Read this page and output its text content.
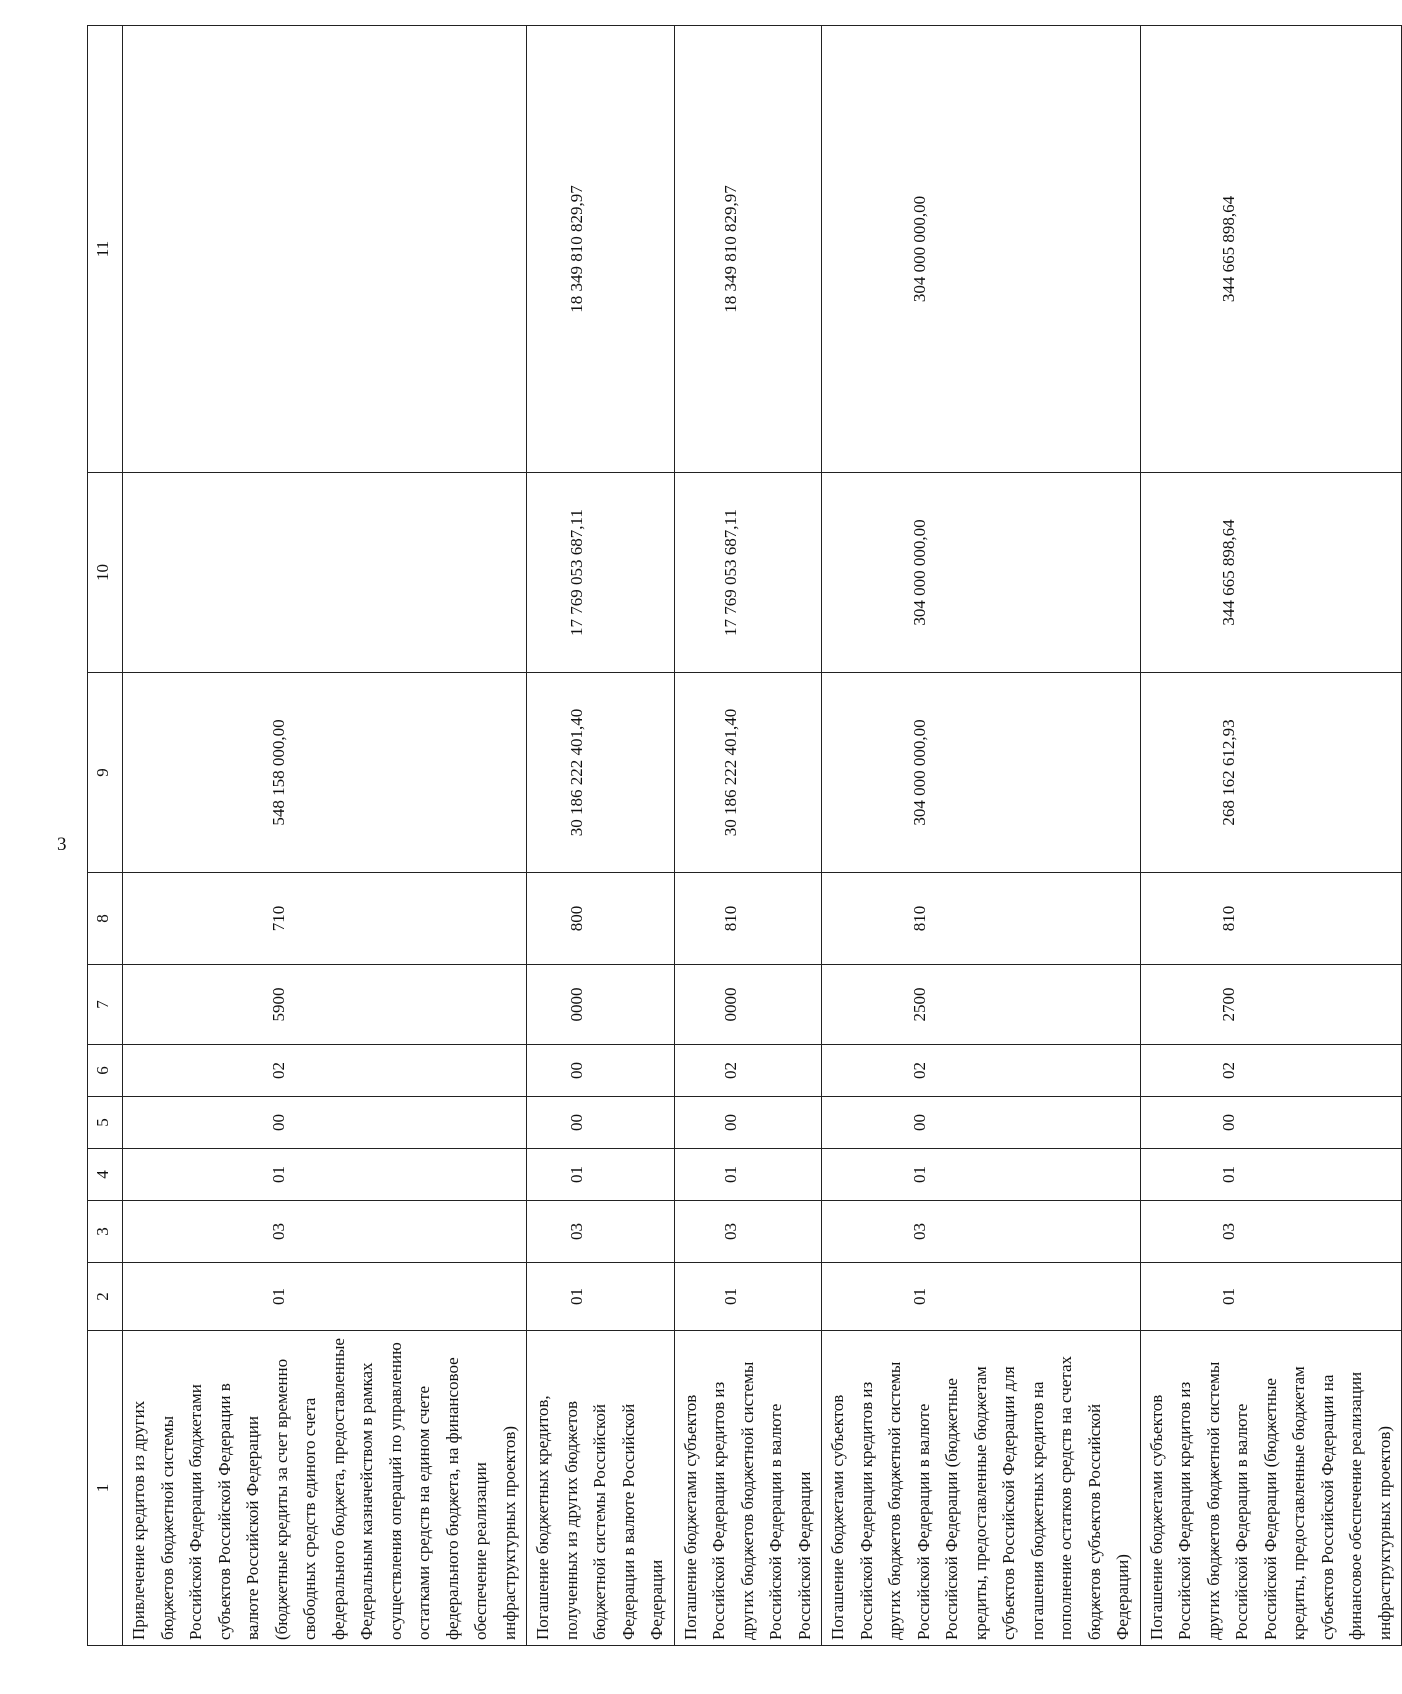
3
1	2	3	4	5	6	7	8	9	10	11
Привлечение кредитов из других бюджетов бюджетной системы Российской Федерации бюджетами субъектов Российской Федерации в валюте Российской Федерации (бюджетные кредиты за счет временно свободных средств единого счета федерального бюджета, предоставленные Федеральным казначейством в рамках осуществления операций по управлению остатками средств на едином счете федерального бюджета, на финансовое обеспечение реализации инфраструктурных проектов)	01	03	01	00	02	5900	710	548 158 000,00		
Погашение бюджетных кредитов, полученных из других бюджетов бюджетной системы Российской Федерации в валюте Российской Федерации	01	03	01	00	00	0000	800	30 186 222 401,40	17 769 053 687,11	18 349 810 829,97
Погашение бюджетами субъектов Российской Федерации кредитов из других бюджетов бюджетной системы Российской Федерации в валюте Российской Федерации	01	03	01	00	02	0000	810	30 186 222 401,40	17 769 053 687,11	18 349 810 829,97
Погашение бюджетами субъектов Российской Федерации кредитов из других бюджетов бюджетной системы Российской Федерации в валюте Российской Федерации (бюджетные кредиты, предоставленные бюджетам субъектов Российской Федерации для погашения бюджетных кредитов на пополнение остатков средств на счетах бюджетов субъектов Российской Федерации)	01	03	01	00	02	2500	810	304 000 000,00	304 000 000,00	304 000 000,00
Погашение бюджетами субъектов Российской Федерации кредитов из других бюджетов бюджетной системы Российской Федерации в валюте Российской Федерации (бюджетные кредиты, предоставленные бюджетам субъектов Российской Федерации на финансовое обеспечение реализации инфраструктурных проектов)	01	03	01	00	02	2700	810	268 162 612,93	344 665 898,64	344 665 898,64
